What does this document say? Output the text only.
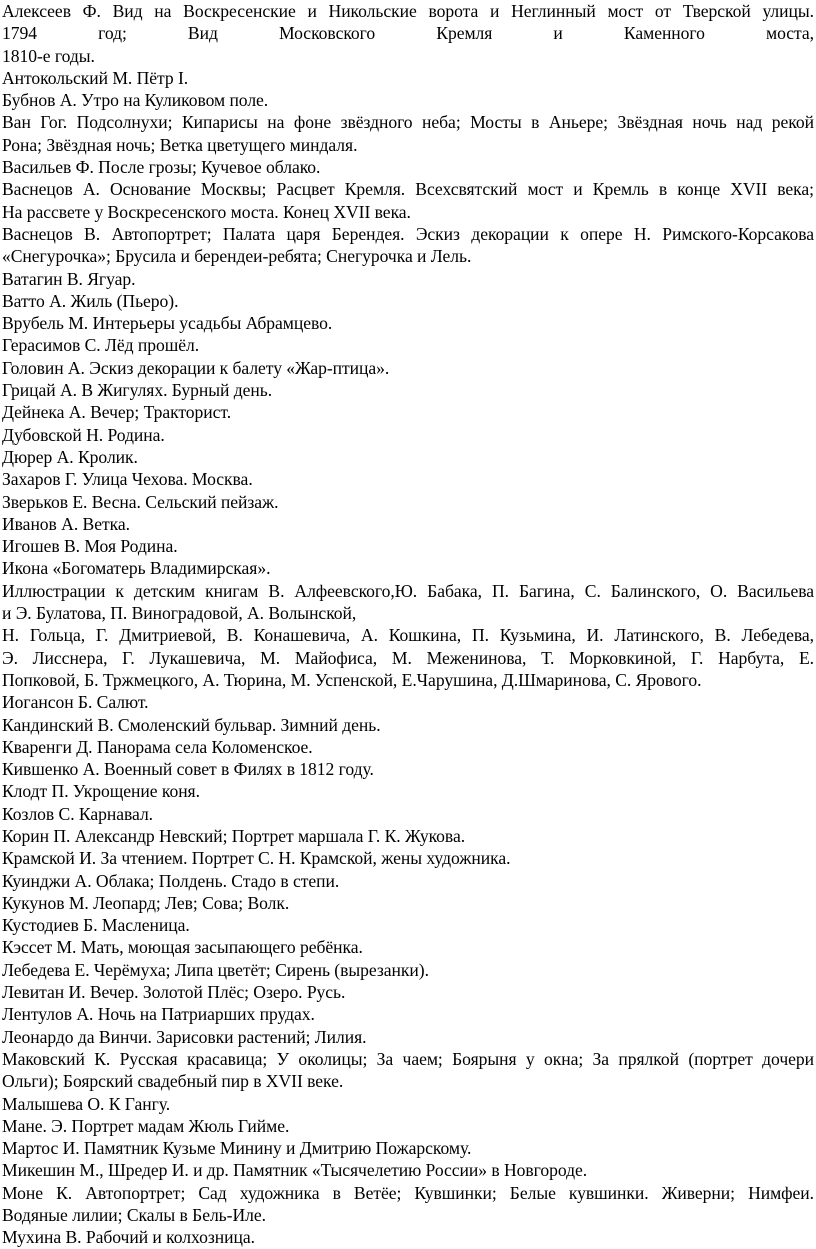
Алексеев Ф. Вид на Воскресенские и Никольские ворота и Неглинный мост от Тверской улицы.
1794 год; Вид Московского Кремля и Каменного моста,
1810-е годы.

Антокольский М. Пётр I.

Бубнов А. Утро на Куликовом поле.

Ван Гог. Подсолнухи; Кипарисы на фоне звёздного неба; Мосты в Аньере; Звёздная ночь над рекой
Рона; Звёздная ночь; Ветка цветущего миндаля.

Васильев Ф. После грозы; Кучевое облако.

Васнецов А. Основание Москвы; Расцвет Кремля. Всехсвятский мост и Кремль в конце XVII века;
На рассвете у Воскресенского моста. Конец XVII века.

Васнецов В. Автопортрет; Палата царя Берендея. Эскиз декорации к опере Н. Римского-Корсакова
«Снегурочка»; Брусила и берендеи-ребята; Снегурочка и Лель.

Ватагин В. Ягуар.

Ватто А. Жиль (Пьеро).

Врубель М. Интерьеры усадьбы Абрамцево.

Герасимов С. Лёд прошёл.

Головин А. Эскиз декорации к балету «Жар-птица».

Грицай А. В Жигулях. Бурный день.

Дейнека А. Вечер; Тракторист.

Дубовской Н. Родина.

Дюрер А. Кролик.

Захаров Г. Улица Чехова. Москва.

Зверьков Е. Весна. Сельский пейзаж.

Иванов А. Ветка.

Игошев В. Моя Родина.

Икона «Богоматерь Владимирская».

Иллюстрации к детским книгам В. Алфеевского,Ю. Бабака, П. Багина, С. Балинского, О. Васильева
и Э. Булатова, П. Виноградовой, А. Волынской,

Н. Гольца, Г. Дмитриевой, В. Конашевича, А. Кошкина, П. Кузьмина, И. Латинского, В. Лебедева,
Э. Лисснера, Г. Лукашевича, М. Майофиса, М. Меженинова, Т. Морковкиной, Г. Нарбута, Е.
Попковой, Б. Тржмецкого, А. Тюрина, М. Успенской, Е.Чарушина, Д.Шмаринова, С. Ярового.

Иогансон Б. Салют.

Кандинский В. Смоленский бульвар. Зимний день.

Кваренги Д. Панорама села Коломенское.

Кившенко А. Военный совет в Филях в 1812 году.

Клодт П. Укрощение коня.

Козлов С. Карнавал.

Корин П. Александр Невский; Портрет маршала Г. К. Жукова.

Крамской И. За чтением. Портрет С. Н. Крамской, жены художника.

Куинджи А. Облака; Полдень. Стадо в степи.

Кукунов М. Леопард; Лев; Сова; Волк.

Кустодиев Б. Масленица.

Кэссет М. Мать, моющая засыпающего ребёнка.

Лебедева Е. Черёмуха; Липа цветёт; Сирень (вырезанки).

Левитан И. Вечер. Золотой Плёс; Озеро. Русь.

Лентулов А. Ночь на Патриарших прудах.

Леонардо да Винчи. Зарисовки растений; Лилия.

Маковский К. Русская красавица; У околицы; За чаем; Боярыня у окна; За прялкой (портрет дочери
Ольги); Боярский свадебный пир в XVII веке.

Малышева О. К Гангу.

Мане. Э. Портрет мадам Жюль Гийме.

Мартос И. Памятник Кузьме Минину и Дмитрию Пожарскому.

Микешин М., Шредер И. и др. Памятник «Тысячелетию России» в Новгороде.

Моне К. Автопортрет; Сад художника в Ветёе; Кувшинки; Белые кувшинки. Живерни; Нимфеи.
Водяные лилии; Скалы в Бель-Иле.

Мухина В. Рабочий и колхозница.
